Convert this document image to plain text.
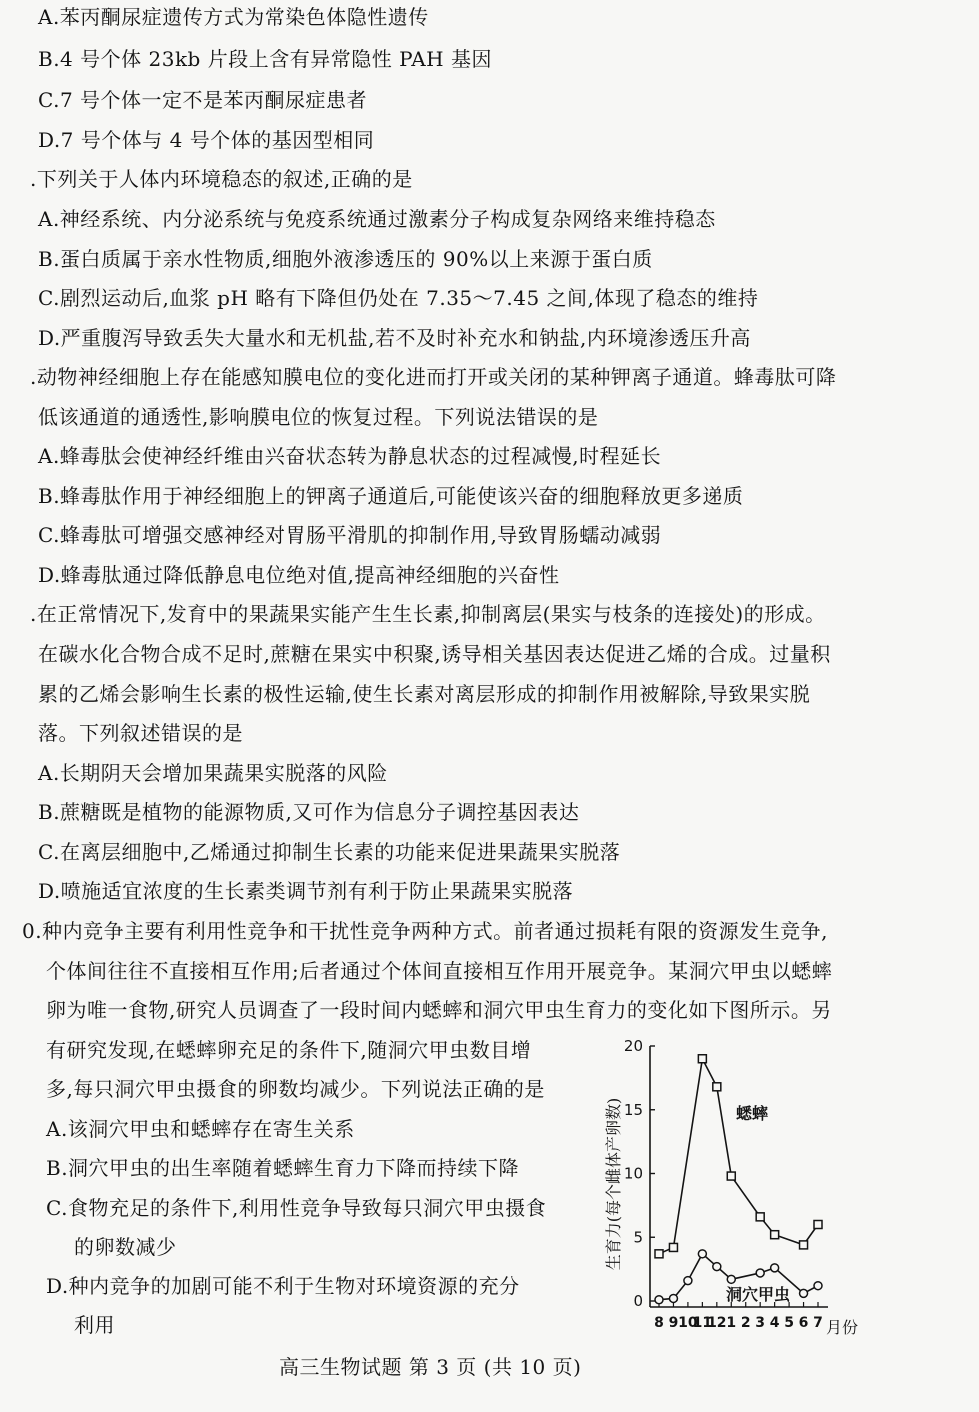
A.苯丙酮尿症遗传方式为常染色体隐性遗传
B.4 号个体 23kb 片段上含有异常隐性 PAH 基因
C.7 号个体一定不是苯丙酮尿症患者
D.7 号个体与 4 号个体的基因型相同
.下列关于人体内环境稳态的叙述,正确的是
A.神经系统、内分泌系统与免疫系统通过激素分子构成复杂网络来维持稳态
B.蛋白质属于亲水性物质,细胞外液渗透压的 90%以上来源于蛋白质
C.剧烈运动后,血浆 pH 略有下降但仍处在 7.35～7.45 之间,体现了稳态的维持
D.严重腹泻导致丢失大量水和无机盐,若不及时补充水和钠盐,内环境渗透压升高
.动物神经细胞上存在能感知膜电位的变化进而打开或关闭的某种钾离子通道。蜂毒肽可降
低该通道的通透性,影响膜电位的恢复过程。下列说法错误的是
A.蜂毒肽会使神经纤维由兴奋状态转为静息状态的过程减慢,时程延长
B.蜂毒肽作用于神经细胞上的钾离子通道后,可能使该兴奋的细胞释放更多递质
C.蜂毒肽可增强交感神经对胃肠平滑肌的抑制作用,导致胃肠蠕动减弱
D.蜂毒肽通过降低静息电位绝对值,提高神经细胞的兴奋性
.在正常情况下,发育中的果蔬果实能产生生长素,抑制离层(果实与枝条的连接处)的形成。
在碳水化合物合成不足时,蔗糖在果实中积聚,诱导相关基因表达促进乙烯的合成。过量积
累的乙烯会影响生长素的极性运输,使生长素对离层形成的抑制作用被解除,导致果实脱
落。下列叙述错误的是
A.长期阴天会增加果蔬果实脱落的风险
B.蔗糖既是植物的能源物质,又可作为信息分子调控基因表达
C.在离层细胞中,乙烯通过抑制生长素的功能来促进果蔬果实脱落
D.喷施适宜浓度的生长素类调节剂有利于防止果蔬果实脱落
0.种内竞争主要有利用性竞争和干扰性竞争两种方式。前者通过损耗有限的资源发生竞争,
个体间往往不直接相互作用;后者通过个体间直接相互作用开展竞争。某洞穴甲虫以蟋蟀
卵为唯一食物,研究人员调查了一段时间内蟋蟀和洞穴甲虫生育力的变化如下图所示。另
有研究发现,在蟋蟀卵充足的条件下,随洞穴甲虫数目增
多,每只洞穴甲虫摄食的卵数均减少。下列说法正确的是
A.该洞穴甲虫和蟋蟀存在寄生关系
B.洞穴甲虫的出生率随着蟋蟀生育力下降而持续下降
C.食物充足的条件下,利用性竞争导致每只洞穴甲虫摄食
的卵数减少
D.种内竞争的加剧可能不利于生物对环境资源的充分
利用
0
5
10
15
20
8 9 10
11
12 1 2 3 4 5 6 7
生育力(每个雌体产卵数)
月份
蟋蟀
洞穴甲虫
高三生物试题 第 3 页 (共 10 页)
